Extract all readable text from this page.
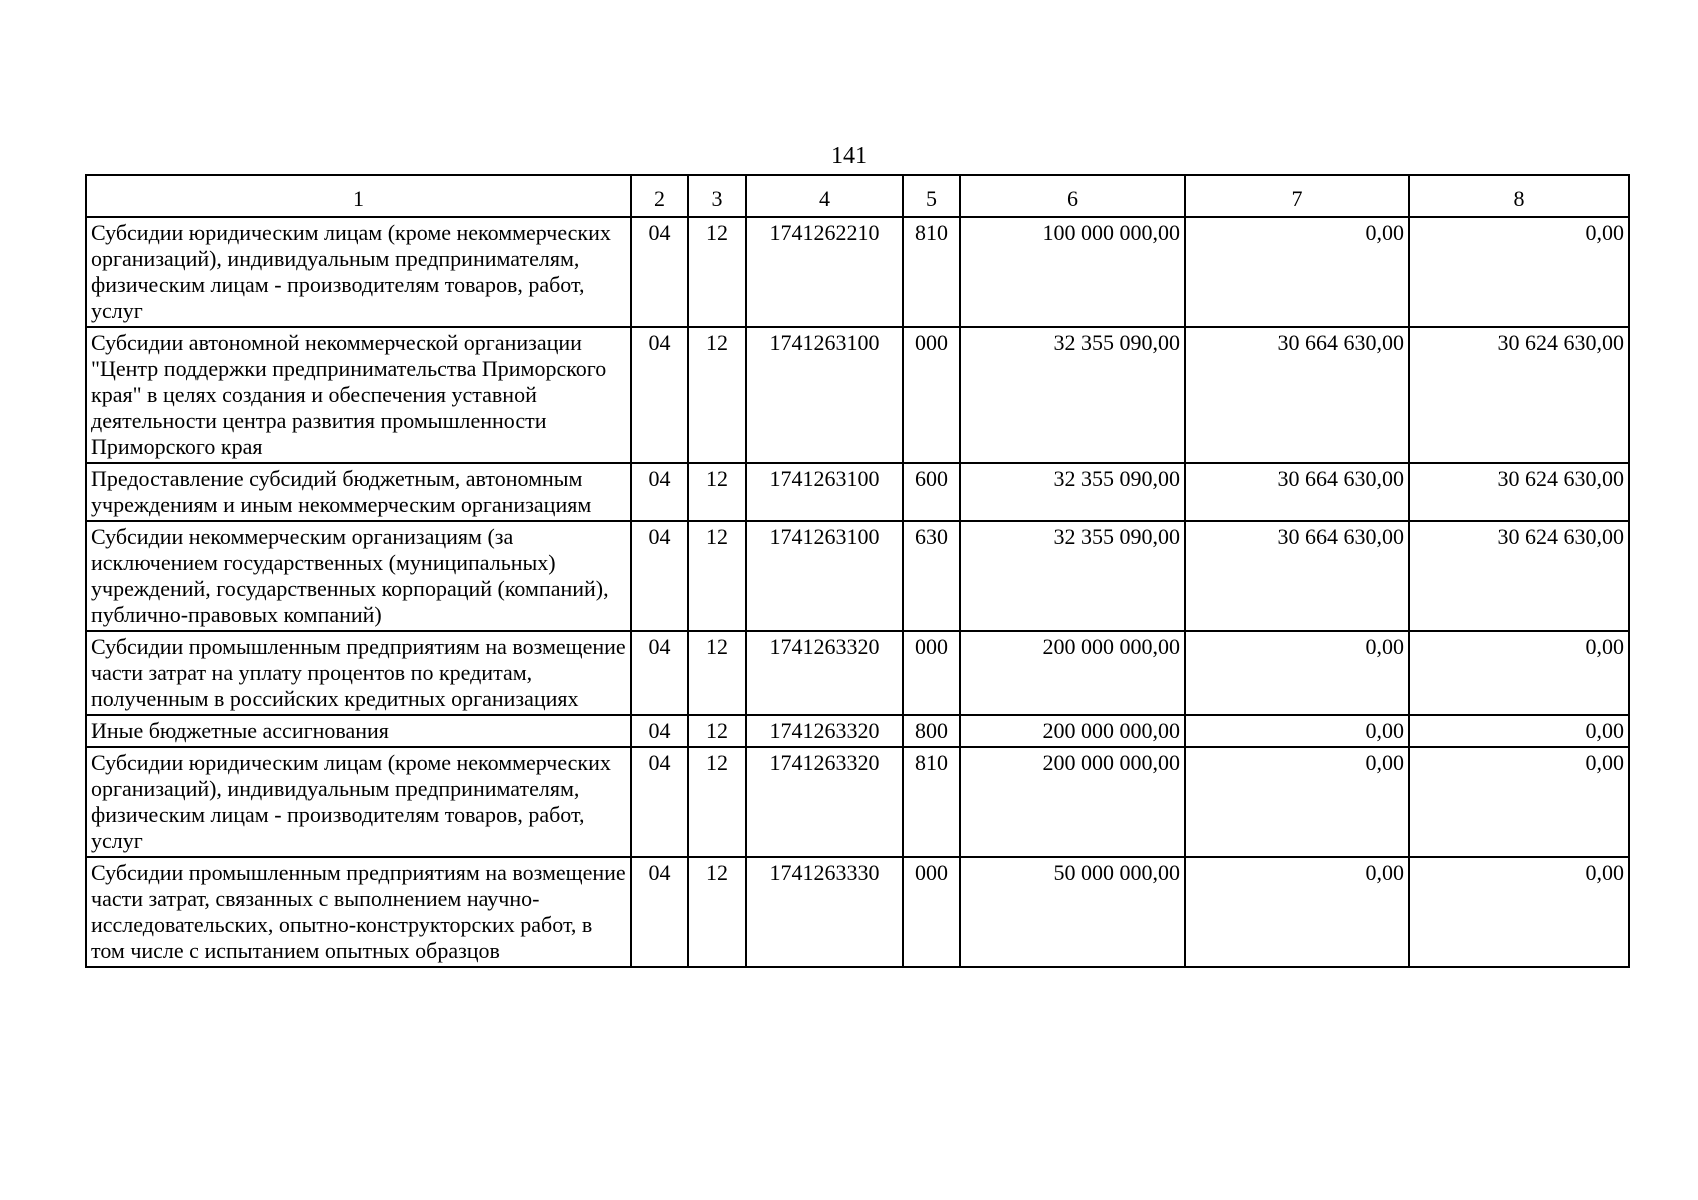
141
1	2	3	4	5	6	7	8
Субсидии юридическим лицам (кроме некоммерческих организаций), индивидуальным предпринимателям, физическим лицам - производителям товаров, работ, услуг	04	12	1741262210	810	100 000 000,00	0,00	0,00
Субсидии автономной некоммерческой организации "Центр поддержки предпринимательства Приморского края" в целях создания и обеспечения уставной деятельности центра развития промышленности Приморского края	04	12	1741263100	000	32 355 090,00	30 664 630,00	30 624 630,00
Предоставление субсидий бюджетным, автономным учреждениям и иным некоммерческим организациям	04	12	1741263100	600	32 355 090,00	30 664 630,00	30 624 630,00
Субсидии некоммерческим организациям (за исключением государственных (муниципальных) учреждений, государственных корпораций (компаний), публично-правовых компаний)	04	12	1741263100	630	32 355 090,00	30 664 630,00	30 624 630,00
Субсидии промышленным предприятиям на возмещение части затрат на уплату процентов по кредитам, полученным в российских кредитных организациях	04	12	1741263320	000	200 000 000,00	0,00	0,00
Иные бюджетные ассигнования	04	12	1741263320	800	200 000 000,00	0,00	0,00
Субсидии юридическим лицам (кроме некоммерческих организаций), индивидуальным предпринимателям, физическим лицам - производителям товаров, работ, услуг	04	12	1741263320	810	200 000 000,00	0,00	0,00
Субсидии промышленным предприятиям на возмещение части затрат, связанных с выполнением научно-исследовательских, опытно-конструкторских работ, в том числе с испытанием опытных образцов	04	12	1741263330	000	50 000 000,00	0,00	0,00
